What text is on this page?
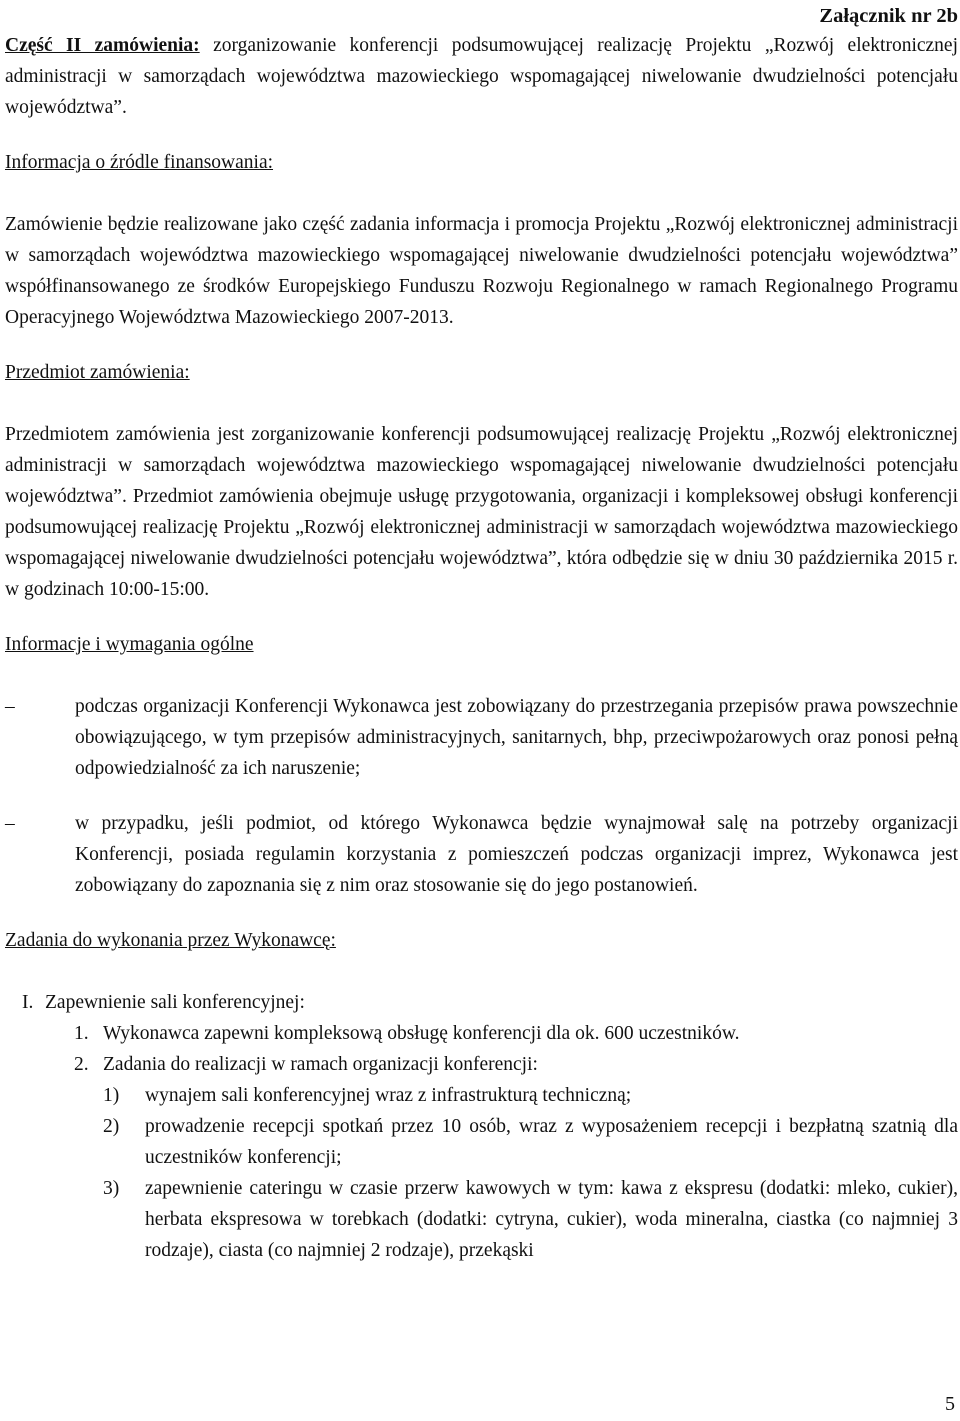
Załącznik nr 2b

Część II zamówienia: zorganizowanie konferencji podsumowującej realizację Projektu „Rozwój elektronicznej administracji w samorządach województwa mazowieckiego wspomagającej niwelowanie dwudzielności potencjału województwa”.

Informacja o źródle finansowania:

Zamówienie będzie realizowane jako część zadania informacja i promocja Projektu „Rozwój elektronicznej administracji w samorządach województwa mazowieckiego wspomagającej niwelowanie dwudzielności potencjału województwa” współfinansowanego ze środków Europejskiego Funduszu Rozwoju Regionalnego w ramach Regionalnego Programu Operacyjnego Województwa Mazowieckiego 2007-2013.

Przedmiot zamówienia:

Przedmiotem zamówienia jest zorganizowanie konferencji podsumowującej realizację Projektu „Rozwój elektronicznej administracji w samorządach województwa mazowieckiego wspomagającej niwelowanie dwudzielności potencjału województwa”. Przedmiot zamówienia obejmuje usługę przygotowania, organizacji i kompleksowej obsługi konferencji podsumowującej realizację Projektu „Rozwój elektronicznej administracji w samorządach województwa mazowieckiego wspomagającej niwelowanie dwudzielności potencjału województwa”, która odbędzie się w dniu 30 października 2015 r. w godzinach 10:00-15:00.

Informacje i wymagania ogólne

–	podczas organizacji Konferencji Wykonawca jest zobowiązany do przestrzegania przepisów prawa powszechnie obowiązującego, w tym przepisów administracyjnych, sanitarnych, bhp, przeciwpożarowych oraz ponosi pełną odpowiedzialność za ich naruszenie;
–	w przypadku, jeśli podmiot, od którego Wykonawca będzie wynajmował salę na potrzeby organizacji Konferencji, posiada regulamin korzystania z pomieszczeń podczas organizacji imprez, Wykonawca jest zobowiązany do zapoznania się z nim oraz stosowanie się do jego postanowień.

Zadania do wykonania przez Wykonawcę:

I. Zapewnienie sali konferencyjnej:
1. Wykonawca zapewni kompleksową obsługę konferencji dla ok. 600 uczestników.
2. Zadania do realizacji w ramach organizacji konferencji:
1) wynajem sali konferencyjnej wraz z infrastrukturą techniczną;
2) prowadzenie recepcji spotkań przez 10 osób, wraz z wyposażeniem recepcji i bezpłatną szatnią dla uczestników konferencji;
3) zapewnienie cateringu w czasie przerw kawowych w tym: kawa z ekspresu (dodatki: mleko, cukier), herbata ekspresowa w torebkach (dodatki: cytryna, cukier), woda mineralna, ciastka (co najmniej 3 rodzaje), ciasta (co najmniej 2 rodzaje), przekąski
5
